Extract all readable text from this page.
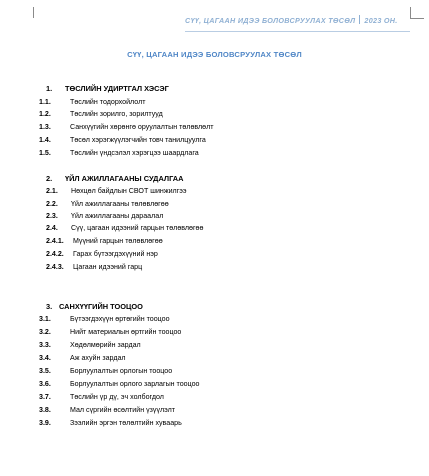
СҮҮ, ЦАГААН ИДЭЭ БОЛОВСРУУЛАХ ТӨСӨЛ 2023 ОН.
СҮҮ, ЦАГААН ИДЭЭ БОЛОВСРУУЛАХ ТӨСӨЛ
1. ТӨСЛИЙН УДИРТГАЛ ХЭСЭГ
1.1.	Төслийн тодорхойлолт
1.2.	Төслийн зорилго, зорилтууд
1.3.	Санхүүгийн хөрөнгө оруулалтын төлөвлөлт
1.4.	Төсөл хэрэгжүүлэгчийн товч танилцуулга
1.5.	Төслийн үндсэлэл хэрэгцээ шаардлага
2. ҮЙЛ АЖИЛЛАГААНЫ СУДАЛГАА
2.1. Нөхцөл байдлын СВОТ шинжилгээ
2.2. Үйл ажиллагааны төлөвлөгөө
2.3. Үйл ажиллагааны дараалал
2.4. Сүү, цагаан идээний гарцын төлөвлөгөө
2.4.1. Мүүний гарцын төлөвлөгөө
2.4.2. Гарах бүтээгдэхүүний нэр
2.4.3. Цагаан идээний гарц
3. САНХҮҮГИЙН ТООЦОО
3.1.	Бүтээгдэхүүн өртөгийн тооцоо
3.2.	Нийт материалын өртгийн тооцоо
3.3.	Хөдөлмөрийн зардал
3.4.	Аж ахуйн зардал
3.5.	Борлуулалтын орлогын тооцоо
3.6.	Борлуулалтын орлого зарлагын тооцоо
3.7.	Төслийн үр дү, эч холбогдол
3.8.	Мал сүргийн өсөлтийн үзүүлэлт
3.9.	Зээлийн эргэн төлөлтийн хуваарь
